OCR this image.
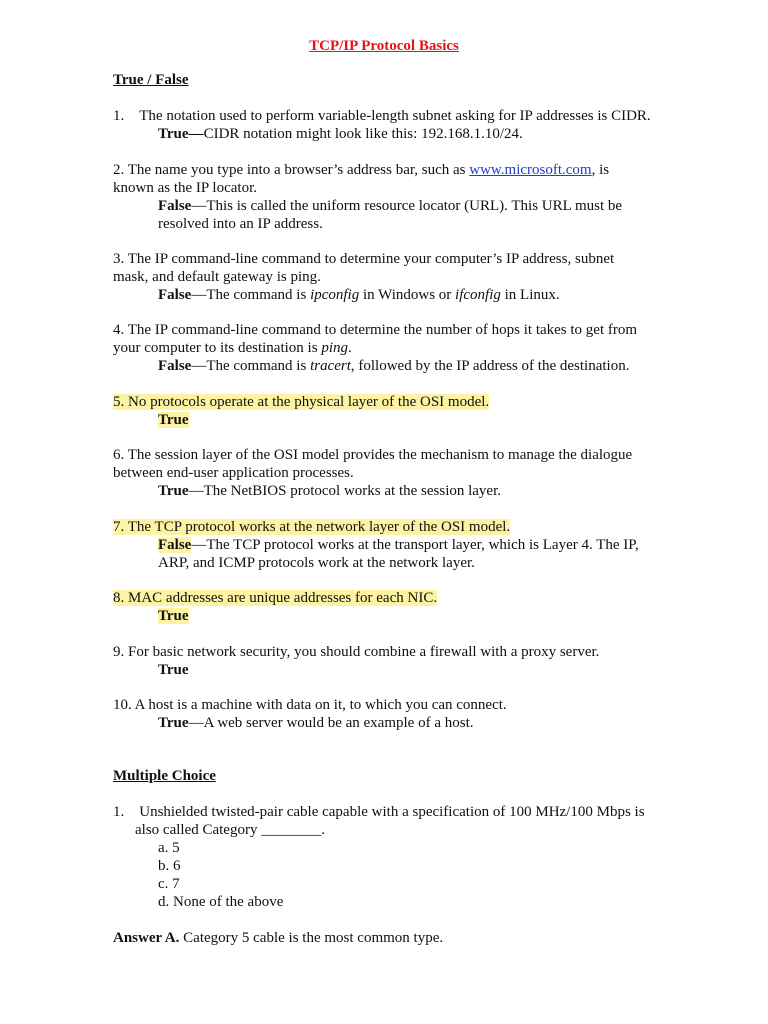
TCP/IP Protocol Basics
True / False
1. The notation used to perform variable-length subnet asking for IP addresses is CIDR.
True—CIDR notation might look like this: 192.168.1.10/24.
2. The name you type into a browser’s address bar, such as www.microsoft.com, is
known as the IP locator.
False—This is called the uniform resource locator (URL). This URL must be
resolved into an IP address.
3. The IP command-line command to determine your computer’s IP address, subnet
mask, and default gateway is ping.
False—The command is ipconfig in Windows or ifconfig in Linux.
4. The IP command-line command to determine the number of hops it takes to get from
your computer to its destination is ping.
False—The command is tracert, followed by the IP address of the destination.
5. No protocols operate at the physical layer of the OSI model.
True
6. The session layer of the OSI model provides the mechanism to manage the dialogue
between end-user application processes.
True—The NetBIOS protocol works at the session layer.
7. The TCP protocol works at the network layer of the OSI model.
False—The TCP protocol works at the transport layer, which is Layer 4. The IP,
ARP, and ICMP protocols work at the network layer.
8. MAC addresses are unique addresses for each NIC.
True
9. For basic network security, you should combine a firewall with a proxy server.
True
10. A host is a machine with data on it, to which you can connect.
True—A web server would be an example of a host.
Multiple Choice
1. Unshielded twisted-pair cable capable with a specification of 100 MHz/100 Mbps is
also called Category ________.
a. 5
b. 6
c. 7
d. None of the above
Answer A. Category 5 cable is the most common type.
